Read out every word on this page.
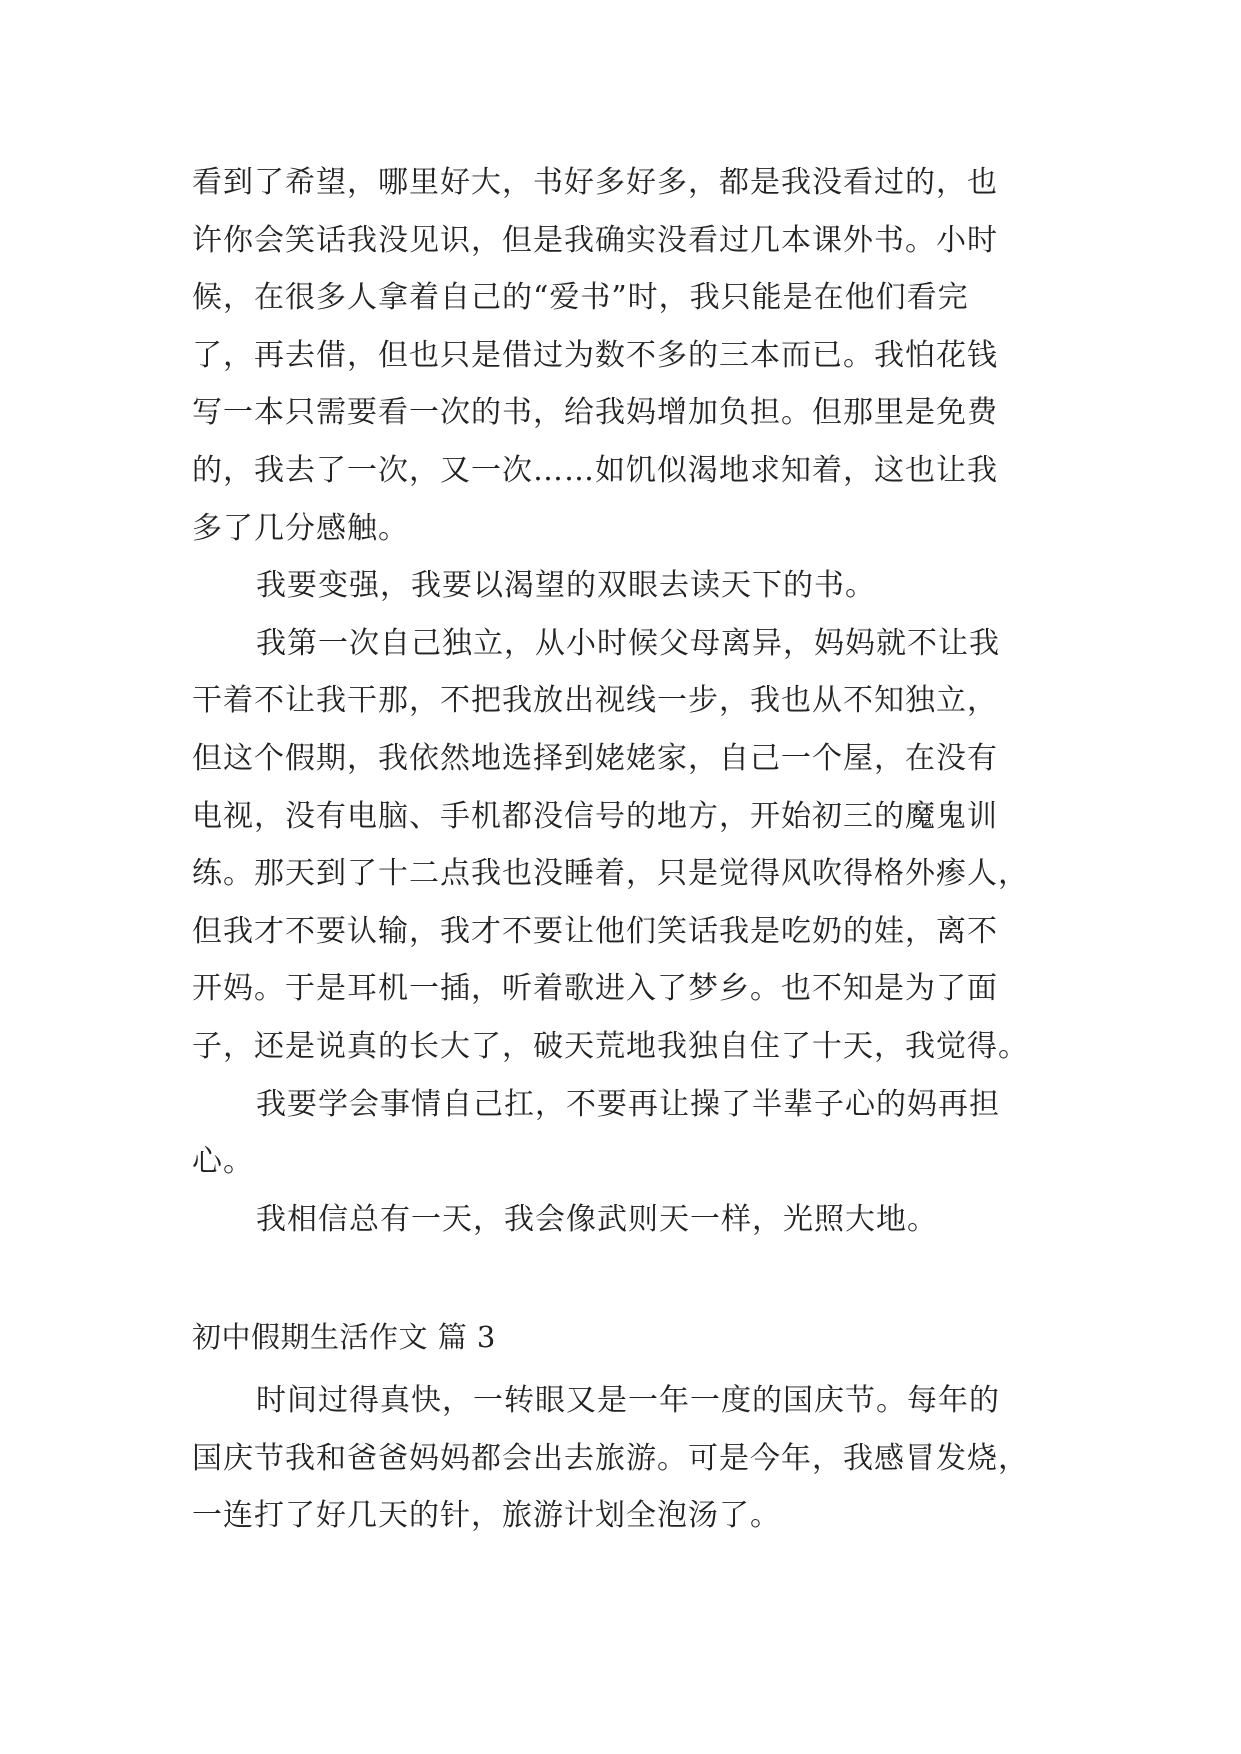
看到了希望，哪里好大，书好多好多，都是我没看过的，也
许你会笑话我没见识，但是我确实没看过几本课外书。小时
候，在很多人拿着自己的“爱书”时，我只能是在他们看完
了，再去借，但也只是借过为数不多的三本而已。我怕花钱
写一本只需要看一次的书，给我妈增加负担。但那里是免费
的，我去了一次，又一次……如饥似渴地求知着，这也让我
多了几分感触。
我要变强，我要以渴望的双眼去读天下的书。
我第一次自己独立，从小时候父母离异，妈妈就不让我
干着不让我干那，不把我放出视线一步，我也从不知独立，
但这个假期，我依然地选择到姥姥家，自己一个屋，在没有
电视，没有电脑、手机都没信号的地方，开始初三的魔鬼训
练。那天到了十二点我也没睡着，只是觉得风吹得格外瘆人，
但我才不要认输，我才不要让他们笑话我是吃奶的娃，离不
开妈。于是耳机一插，听着歌进入了梦乡。也不知是为了面
子，还是说真的长大了，破天荒地我独自住了十天，我觉得。
我要学会事情自己扛，不要再让操了半辈子心的妈再担
心。
我相信总有一天，我会像武则天一样，光照大地。
初中假期生活作文 篇 3
时间过得真快，一转眼又是一年一度的国庆节。每年的
国庆节我和爸爸妈妈都会出去旅游。可是今年，我感冒发烧，
一连打了好几天的针，旅游计划全泡汤了。
